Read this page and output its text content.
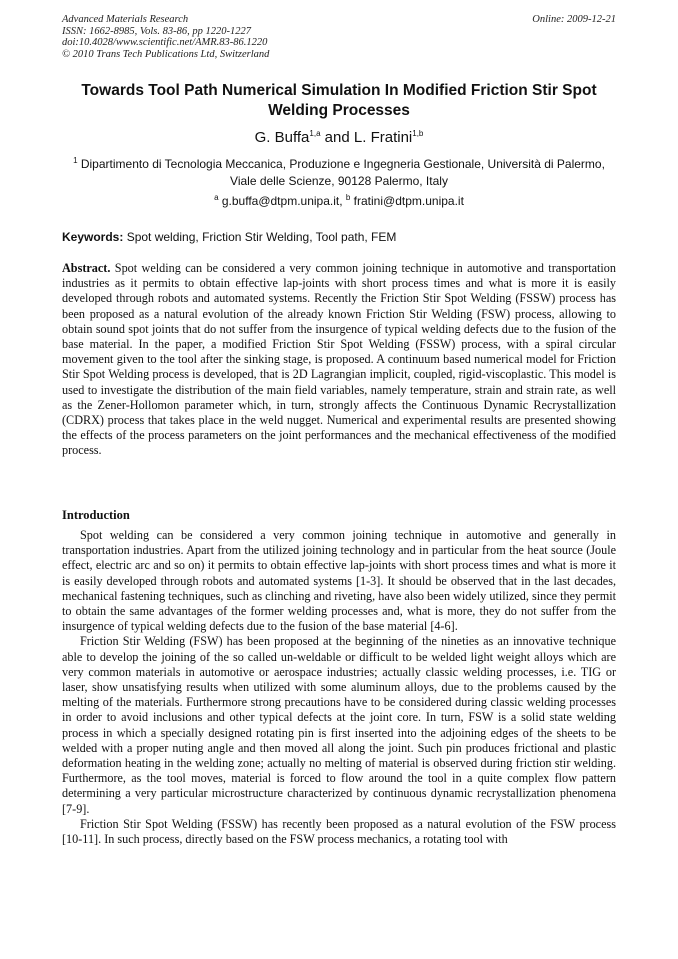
Advanced Materials Research
ISSN: 1662-8985, Vols. 83-86, pp 1220-1227
doi:10.4028/www.scientific.net/AMR.83-86.1220
© 2010 Trans Tech Publications Ltd, Switzerland
Online: 2009-12-21
Towards Tool Path Numerical Simulation In Modified Friction Stir Spot Welding Processes
G. Buffa$^{1,a}$ and L. Fratini$^{1,b}$
$^1$ Dipartimento di Tecnologia Meccanica, Produzione e Ingegneria Gestionale, Università di Palermo, Viale delle Scienze, 90128 Palermo, Italy
$^a$ g.buffa@dtpm.unipa.it, $^b$ fratini@dtpm.unipa.it
Keywords: Spot welding, Friction Stir Welding, Tool path, FEM
Abstract. Spot welding can be considered a very common joining technique in automotive and transportation industries as it permits to obtain effective lap-joints with short process times and what is more it is easily developed through robots and automated systems. Recently the Friction Stir Spot Welding (FSSW) process has been proposed as a natural evolution of the already known Friction Stir Welding (FSW) process, allowing to obtain sound spot joints that do not suffer from the insurgence of typical welding defects due to the fusion of the base material. In the paper, a modified Friction Stir Spot Welding (FSSW) process, with a spiral circular movement given to the tool after the sinking stage, is proposed. A continuum based numerical model for Friction Stir Spot Welding process is developed, that is 2D Lagrangian implicit, coupled, rigid-viscoplastic. This model is used to investigate the distribution of the main field variables, namely temperature, strain and strain rate, as well as the Zener-Hollomon parameter which, in turn, strongly affects the Continuous Dynamic Recrystallization (CDRX) process that takes place in the weld nugget. Numerical and experimental results are presented showing the effects of the process parameters on the joint performances and the mechanical effectiveness of the modified process.
Introduction

Spot welding can be considered a very common joining technique in automotive and generally in transportation industries. Apart from the utilized joining technology and in particular from the heat source (Joule effect, electric arc and so on) it permits to obtain effective lap-joints with short process times and what is more it is easily developed through robots and automated systems [1-3]. It should be observed that in the last decades, mechanical fastening techniques, such as clinching and riveting, have also been widely utilized, since they permit to obtain the same advantages of the former welding processes and, what is more, they do not suffer from the insurgence of typical welding defects due to the fusion of the base material [4-6].

Friction Stir Welding (FSW) has been proposed at the beginning of the nineties as an innovative technique able to develop the joining of the so called un-weldable or difficult to be welded light weight alloys which are very common materials in automotive or aerospace industries; actually classic welding processes, i.e. TIG or laser, show unsatisfying results when utilized with some aluminum alloys, due to the problems caused by the melting of the materials. Furthermore strong precautions have to be considered during classic welding processes in order to avoid inclusions and other typical defects at the joint core. In turn, FSW is a solid state welding process in which a specially designed rotating pin is first inserted into the adjoining edges of the sheets to be welded with a proper nuting angle and then moved all along the joint. Such pin produces frictional and plastic deformation heating in the welding zone; actually no melting of material is observed during friction stir welding. Furthermore, as the tool moves, material is forced to flow around the tool in a quite complex flow pattern determining a very particular microstructure characterized by continuous dynamic recrystallization phenomena [7-9].

Friction Stir Spot Welding (FSSW) has recently been proposed as a natural evolution of the FSW process [10-11]. In such process, directly based on the FSW process mechanics, a rotating tool with
